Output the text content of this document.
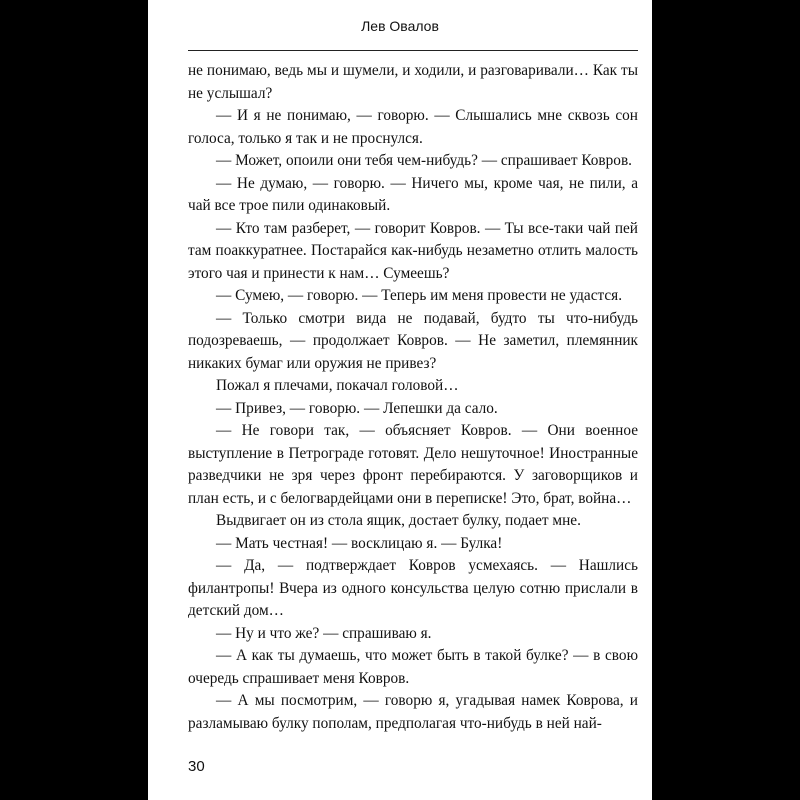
Лев Овалов

не понимаю, ведь мы и шумели, и ходили, и разговаривали… Как ты не услышал?

— И я не понимаю, — говорю. — Слышались мне сквозь сон голоса, только я так и не проснулся.

— Может, опоили они тебя чем-нибудь? — спрашивает Ковров.

— Не думаю, — говорю. — Ничего мы, кроме чая, не пили, а чай все трое пили одинаковый.

— Кто там разберет, — говорит Ковров. — Ты все-таки чай пей там поаккуратнее. Постарайся как-нибудь незаметно отлить малость этого чая и принести к нам… Сумеешь?

— Сумею, — говорю. — Теперь им меня провести не удастся.

— Только смотри вида не подавай, будто ты что-нибудь подозреваешь, — продолжает Ковров. — Не заметил, племянник никаких бумаг или оружия не привез?

Пожал я плечами, покачал головой…

— Привез, — говорю. — Лепешки да сало.

— Не говори так, — объясняет Ковров. — Они военное выступление в Петрограде готовят. Дело нешуточное! Иностранные разведчики не зря через фронт перебираются. У заговорщиков и план есть, и с белогвардейцами они в переписке! Это, брат, война…

Выдвигает он из стола ящик, достает булку, подает мне.

— Мать честная! — восклицаю я. — Булка!

— Да, — подтверждает Ковров усмехаясь. — Нашлись филантропы! Вчера из одного консульства целую сотню прислали в детский дом…

— Ну и что же? — спрашиваю я.

— А как ты думаешь, что может быть в такой булке? — в свою очередь спрашивает меня Ковров.

— А мы посмотрим, — говорю я, угадывая намек Коврова, и разламываю булку пополам, предполагая что-нибудь в ней най-

30
